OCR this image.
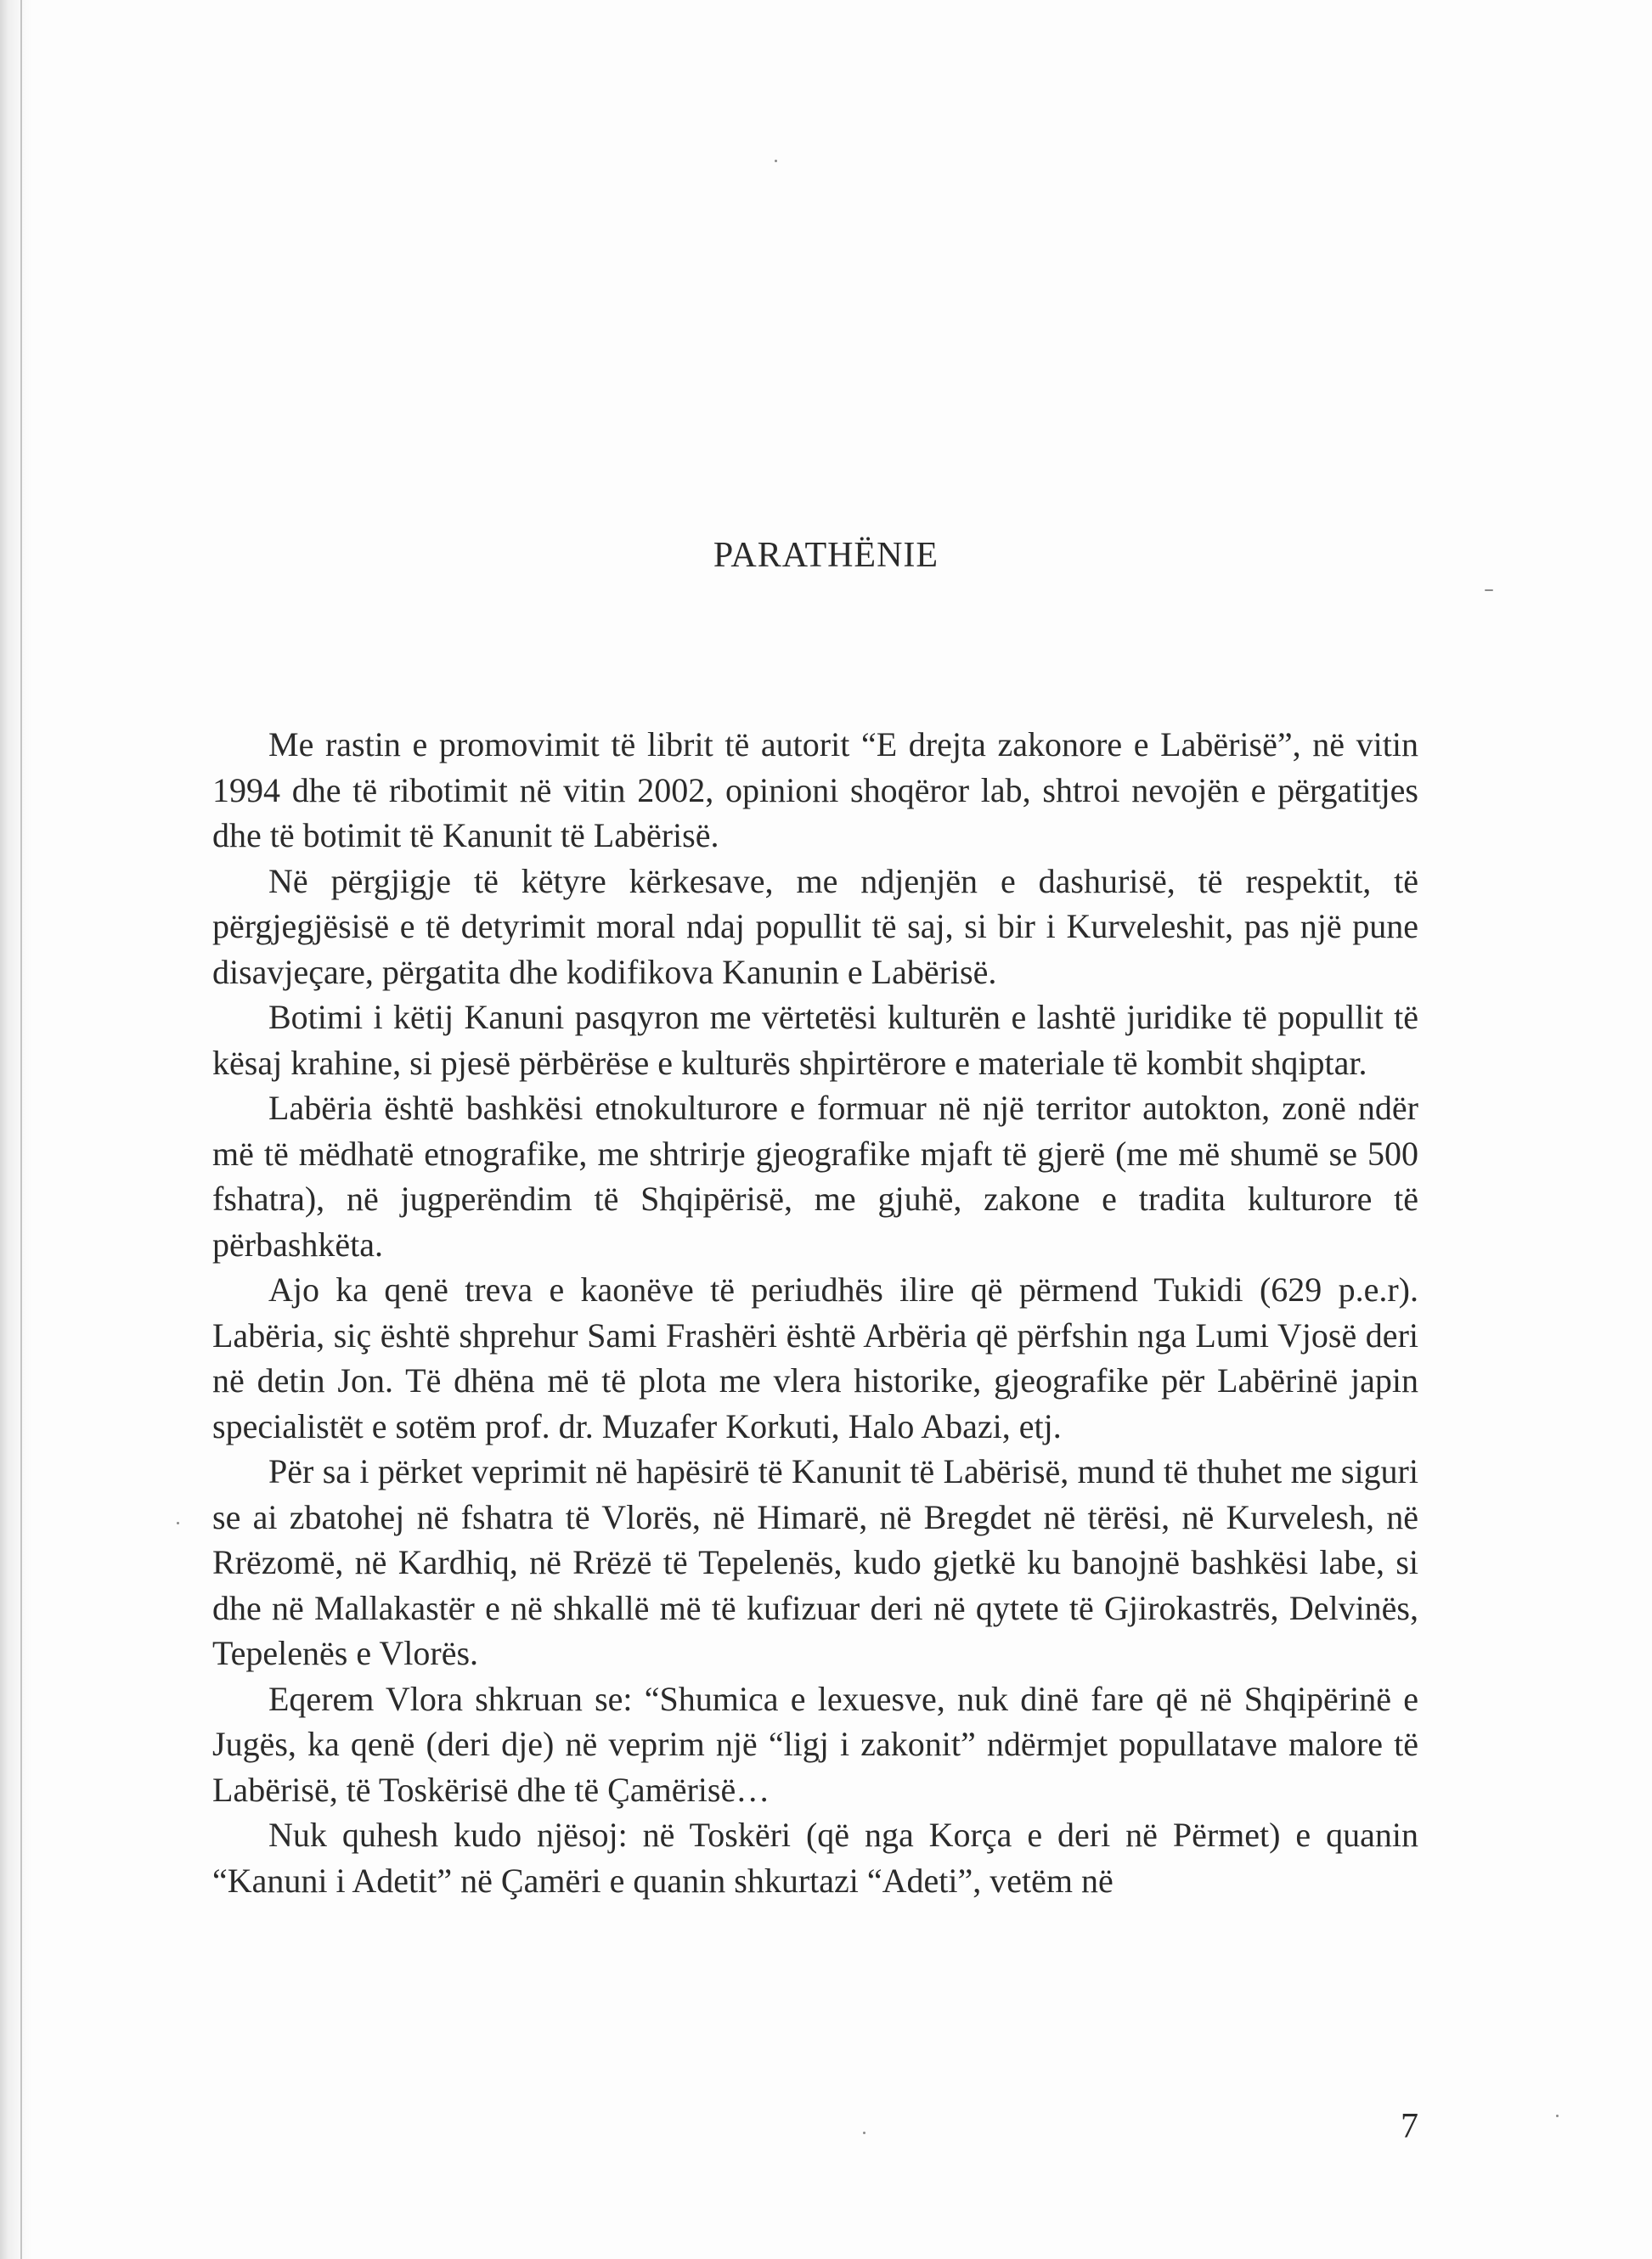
PARATHËNIE

Me rastin e promovimit të librit të autorit “E drejta zakonore e Labërisë”, në vitin 1994 dhe të ribotimit në vitin 2002, opinioni shoqëror lab, shtroi nevojën e përgatitjes dhe të botimit të Kanunit të Labërisë.

Në përgjigje të këtyre kërkesave, me ndjenjën e dashurisë, të respektit, të përgjegjësisë e të detyrimit moral ndaj popullit të saj, si bir i Kurveleshit, pas një pune disavjeçare, përgatita dhe kodifikova Kanunin e Labërisë.

Botimi i këtij Kanuni pasqyron me vërtetësi kulturën e lashtë juridike të popullit të kësaj krahine, si pjesë përbërëse e kulturës shpirtërore e materiale të kombit shqiptar.

Labëria është bashkësi etnokulturore e formuar në një territor autokton, zonë ndër më të mëdhatë etnografike, me shtrirje gjeografike mjaft të gjerë (me më shumë se 500 fshatra), në jugperëndim të Shqipërisë, me gjuhë, zakone e tradita kulturore të përbashkëta.

Ajo ka qenë treva e kaonëve të periudhës ilire që përmend Tukidi (629 p.e.r). Labëria, siç është shprehur Sami Frashëri është Arbëria që përfshin nga Lumi Vjosë deri në detin Jon. Të dhëna më të plota me vlera historike, gjeografike për Labërinë japin specialistët e sotëm prof. dr. Muzafer Korkuti, Halo Abazi, etj.

Për sa i përket veprimit në hapësirë të Kanunit të Labërisë, mund të thuhet me siguri se ai zbatohej në fshatra të Vlorës, në Himarë, në Bregdet në tërësi, në Kurvelesh, në Rrëzomë, në Kardhiq, në Rrëzë të Tepelenës, kudo gjetkë ku banojnë bashkësi labe, si dhe në Mallakastër e në shkallë më të kufizuar deri në qytete të Gjirokastrës, Delvinës, Tepelenës e Vlorës.

Eqerem Vlora shkruan se: “Shumica e lexuesve, nuk dinë fare që në Shqipërinë e Jugës, ka qenë (deri dje) në veprim një “ligj i zakonit” ndërmjet popullatave malore të Labërisë, të Toskërisë dhe të Çamërisë…

Nuk quhesh kudo njësoj: në Toskëri (që nga Korça e deri në Përmet) e quanin “Kanuni i Adetit” në Çamëri e quanin shkurtazi “Adeti”, vetëm në

7
